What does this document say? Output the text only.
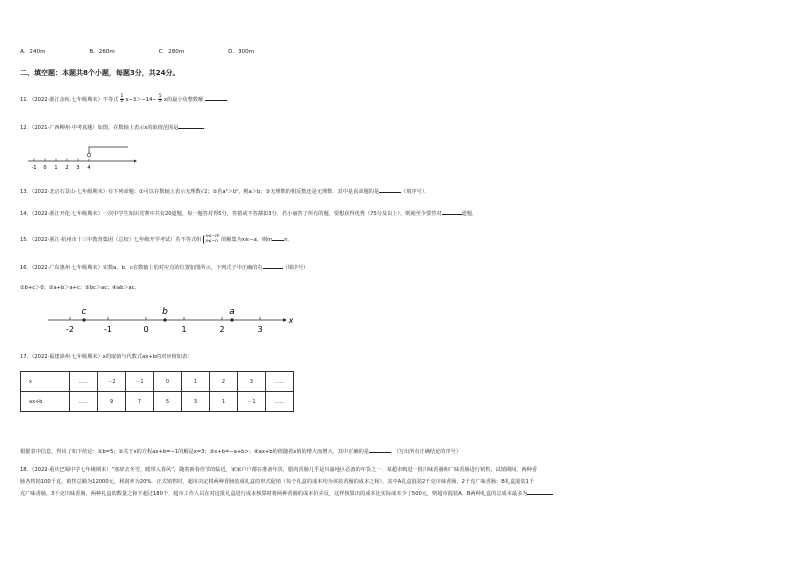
A．240m	B．260m	C．280m	D．300m
二、填空题：本题共8个小题，每题3分，共24分。
11．（2022·浙江余杭·七年级期末）不等式 $\frac{1}{2} x-3>-14- \frac{5}{2}$ x的最小负整数解	．
12．（2021·广西柳州·中考真题）如图，在数轴上表示x的取值范围是	．
-1 0 1 2 3 4
13．（2022·北京石景山·七年级期末）有下列命题：①可以在数轴上表示无理数√2；②若a²＞b²，则a＞b；③无理数的相反数还是无理数．其中是真命题的是	（填序号）．
14．（2022·浙江开化·七年级期末）一次中学生知识竞赛中共有20道题，每一题答对得5分，答错或不答都扣3分．若小丽答了所有的题，要想获得优秀（75分及以上），则她至少要答对	道题．
15．（2022·浙江·杭州市十三中教育集团（总校）七年级开学考试）若不等式组
x≤−m
x≤−n 的解集为x≤−a，则m n．
16．（2022·广东惠州·七年级期末）实数a、b、c在数轴上的对应点的位置如图所示，下列式子中正确的有	（填序号）
①b+c＞0；②a+b＞a+c；③bc＞ac；④ab＞ac．
c	b	a
x
-2	-1	0	1	2	3
17．（2022·福建漳州·七年级期末）x的取值与代数式ax+b的对应值如表：
x	……	－2	－1	0	1	2	3	……
ax+b	……	9	7	5	3	1	－1	……
根据表中信息，得出了如下结论：①b=5；②关于x的方程ax+b=−1的解是x=3；③x+b=−a+b>；④ax+b的值随着x值的增大而增大，其中正确的是	．（写出所有正确结论的序号）
18．（2022·重庆巴蜀中学七年级期末）“寒辞去冬雪，暖带入春风”，随着新春佳节的临近，家家户户都在准备年货，腊肉香肠几乎是川渝地区必备的年货之一．某超市购进一批川味香肠和广味香肠进行销售，试销期间，两种香
肠各售销100千克，销售总额为12000元，利润率为20%．正式销售时，超市决定将两种香肠装成礼盒的形式促销（每个礼盒的成本均为该装香肠的成本之和），其中A礼盒混装2千克川味香肠，2千克广味香肠；B礼盒混装1千
克广味香肠，3千克川味香肠，两种礼盒的数量之和不超过180个．超市工作人员在对这批礼盒进行成本核算时将两种香肠的成本价弄反，这样核算出的成本比实际成本少了500元，则超市混装A、B两种礼盒的总成本最多为
